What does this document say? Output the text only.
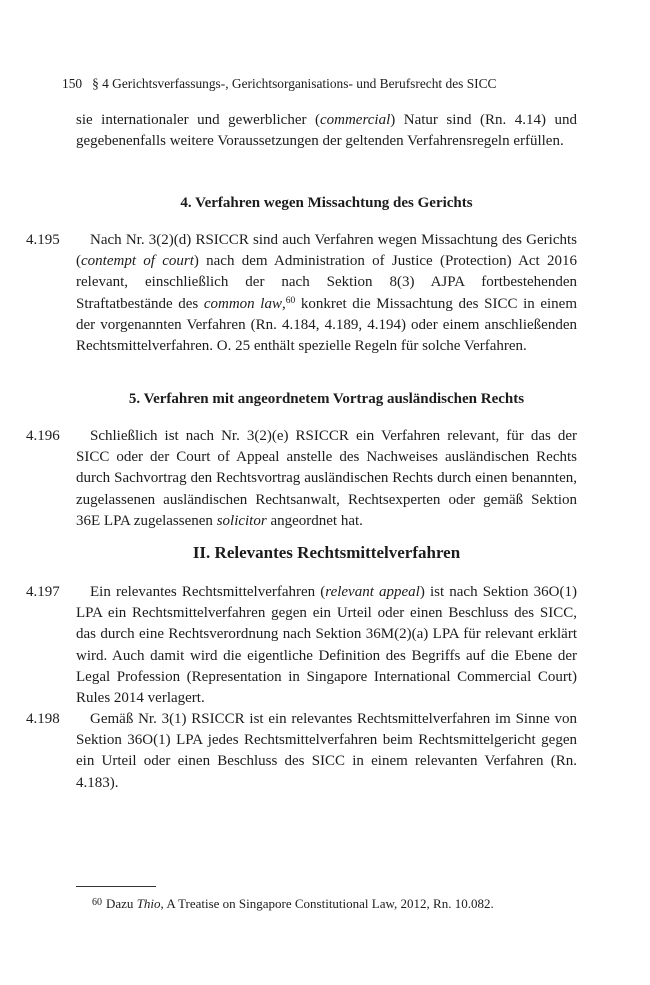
150 § 4 Gerichtsverfassungs-, Gerichtsorganisations- und Berufsrecht des SICC

sie internationaler und gewerblicher (commercial) Natur sind (Rn. 4.14) und gegebenenfalls weitere Voraussetzungen der geltenden Verfahrensregeln erfüllen.

4. Verfahren wegen Missachtung des Gerichts
4.195	Nach Nr. 3(2)(d) RSICCR sind auch Verfahren wegen Missachtung des Gerichts (contempt of court) nach dem Administration of Justice (Protection) Act 2016 relevant, einschließlich der nach Sektion 8(3) AJPA fortbestehenden Straftatbestände des common law,$^{60}$ konkret die Missachtung des SICC in einem der vorgenannten Verfahren (Rn. 4.184, 4.189, 4.194) oder einem anschließenden Rechtsmittelverfahren. O. 25 enthält spezielle Regeln für solche Verfahren.

5. Verfahren mit angeordnetem Vortrag ausländischen Rechts
4.196	Schließlich ist nach Nr. 3(2)(e) RSICCR ein Verfahren relevant, für das der SICC oder der Court of Appeal anstelle des Nachweises ausländischen Rechts durch Sachvortrag den Rechtsvortrag ausländischen Rechts durch einen benannten, zugelassenen ausländischen Rechtsanwalt, Rechtsexperten oder gemäß Sektion 36E LPA zugelassenen solicitor angeordnet hat.

II. Relevantes Rechtsmittelverfahren
4.197	Ein relevantes Rechtsmittelverfahren (relevant appeal) ist nach Sektion 36O(1) LPA ein Rechtsmittelverfahren gegen ein Urteil oder einen Beschluss des SICC, das durch eine Rechtsverordnung nach Sektion 36M(2)(a) LPA für relevant erklärt wird. Auch damit wird die eigentliche Definition des Begriffs auf die Ebene der Legal Profession (Representation in Singapore International Commercial Court) Rules 2014 verlagert.

4.198	Gemäß Nr. 3(1) RSICCR ist ein relevantes Rechtsmittelverfahren im Sinne von Sektion 36O(1) LPA jedes Rechtsmittelverfahren beim Rechtsmittelgericht gegen ein Urteil oder einen Beschluss des SICC in einem relevanten Verfahren (Rn. 4.183).

$^{60}$ Dazu Thio, A Treatise on Singapore Constitutional Law, 2012, Rn. 10.082.
